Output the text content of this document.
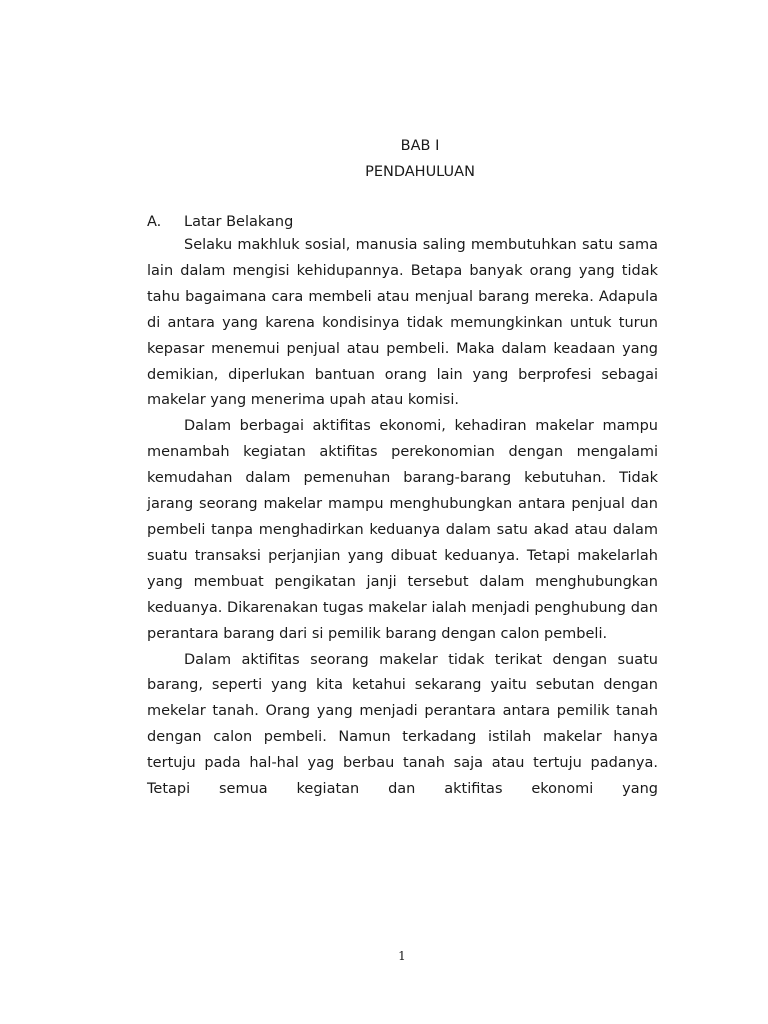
BAB I
PENDAHULUAN
A.	Latar Belakang

Selaku makhluk sosial, manusia saling membutuhkan satu sama lain dalam mengisi kehidupannya. Betapa banyak orang yang tidak tahu bagaimana cara membeli atau menjual barang mereka. Adapula di antara yang karena kondisinya tidak memungkinkan untuk turun kepasar menemui penjual atau pembeli. Maka dalam keadaan yang demikian, diperlukan bantuan orang lain yang berprofesi sebagai makelar yang menerima upah atau komisi.

Dalam berbagai aktifitas ekonomi, kehadiran makelar mampu menambah kegiatan aktifitas perekonomian dengan mengalami kemudahan dalam pemenuhan barang-barang kebutuhan. Tidak jarang seorang makelar mampu menghubungkan antara penjual dan pembeli tanpa menghadirkan keduanya dalam satu akad atau dalam suatu transaksi perjanjian yang dibuat keduanya. Tetapi makelarlah yang membuat pengikatan janji tersebut dalam menghubungkan keduanya. Dikarenakan tugas makelar ialah menjadi penghubung dan perantara barang dari si pemilik barang dengan calon pembeli.

Dalam aktifitas seorang makelar tidak terikat dengan suatu barang, seperti yang kita ketahui sekarang yaitu sebutan dengan mekelar tanah. Orang yang menjadi perantara antara pemilik tanah dengan calon pembeli. Namun terkadang istilah makelar hanya tertuju pada hal-hal yag berbau tanah saja atau tertuju padanya. Tetapi semua kegiatan dan aktifitas ekonomi yang

1
